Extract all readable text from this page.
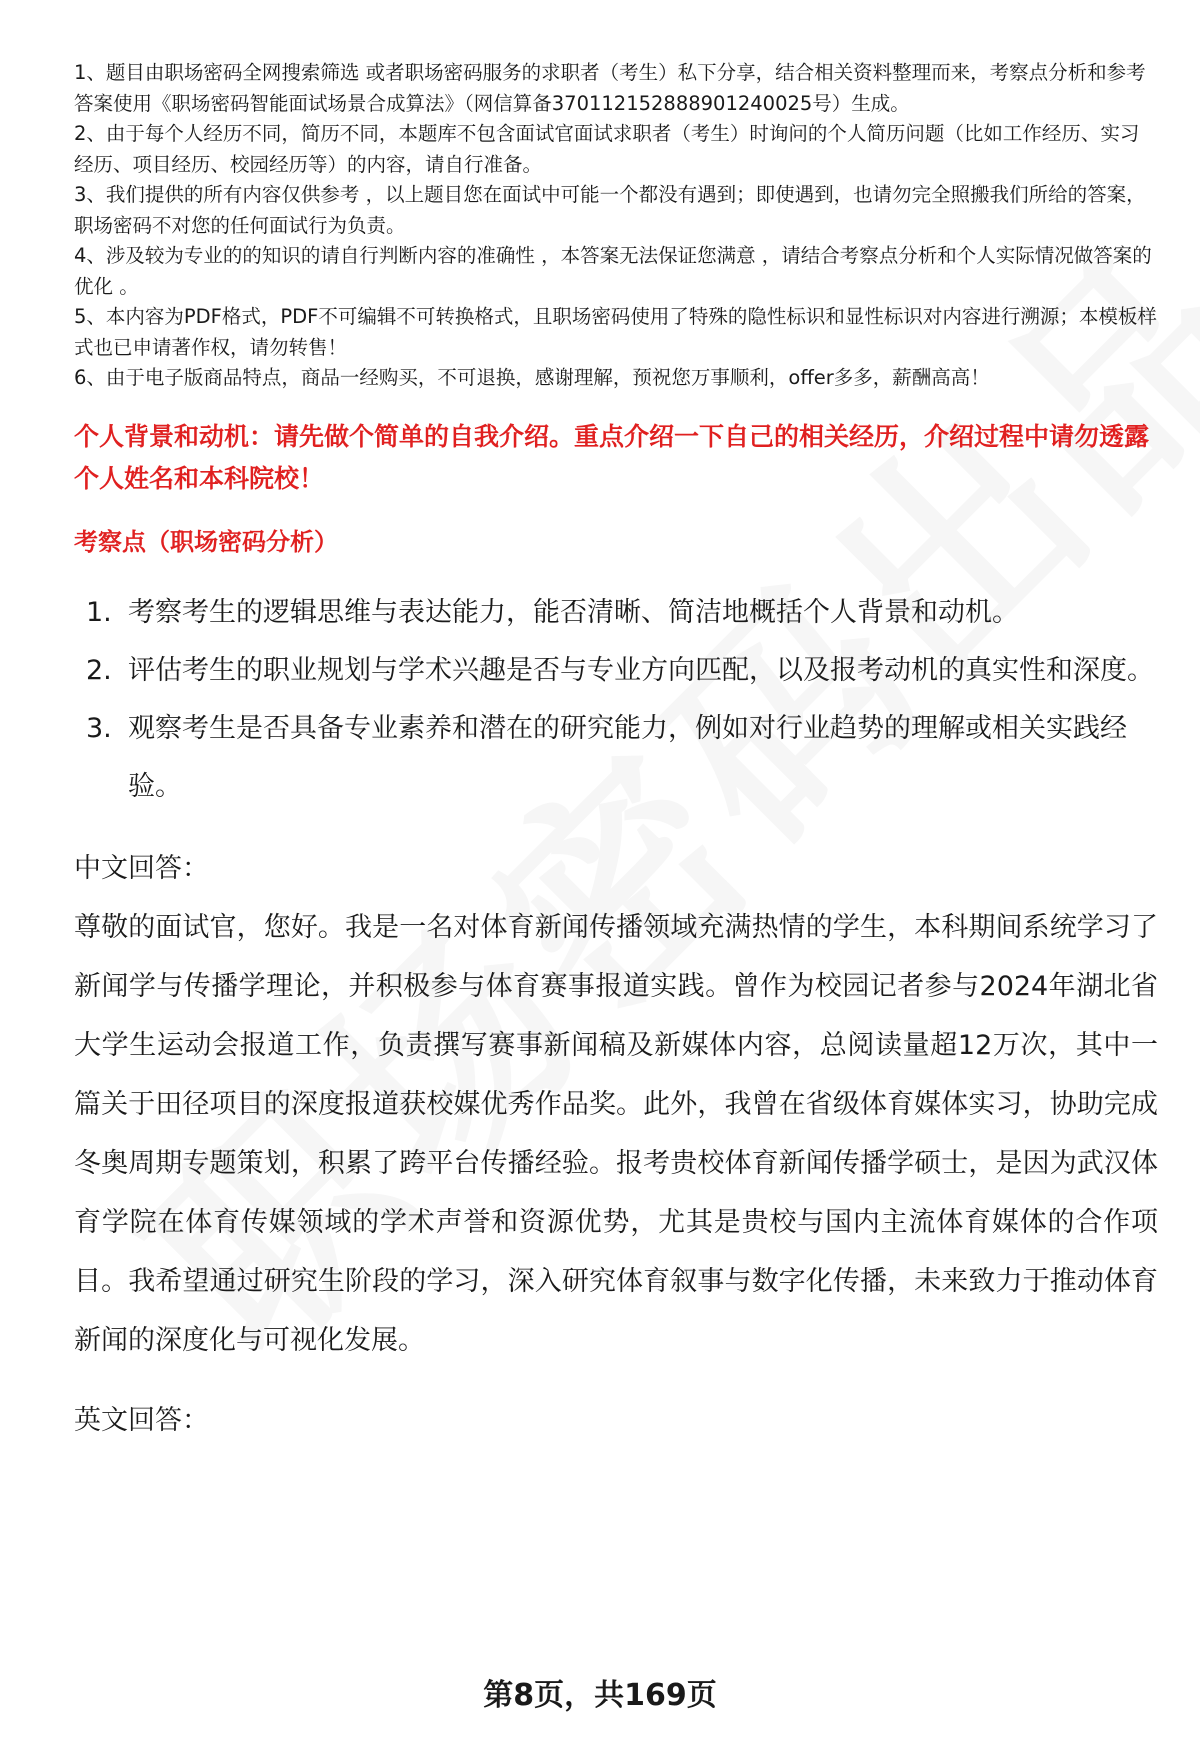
1、题目由职场密码全网搜索筛选 或者职场密码服务的求职者（考生）私下分享，结合相关资料整理而来，考察点分析和参考答案使用《职场密码智能面试场景合成算法》（网信算备370112152888901240025号）生成。
2、由于每个人经历不同，简历不同，本题库不包含面试官面试求职者（考生）时询问的个人简历问题（比如工作经历、实习经历、项目经历、校园经历等）的内容，请自行准备。
3、我们提供的所有内容仅供参考 ，以上题目您在面试中可能一个都没有遇到；即使遇到，也请勿完全照搬我们所给的答案，职场密码不对您的任何面试行为负责。
4、涉及较为专业的的知识的请自行判断内容的准确性 ，本答案无法保证您满意 ，请结合考察点分析和个人实际情况做答案的优化 。
5、本内容为PDF格式，PDF不可编辑不可转换格式，且职场密码使用了特殊的隐性标识和显性标识对内容进行溯源；本模板样式也已申请著作权，请勿转售！
6、由于电子版商品特点，商品一经购买，不可退换，感谢理解，预祝您万事顺利，offer多多，薪酬高高！
个人背景和动机：请先做个简单的自我介绍。重点介绍一下自己的相关经历，介绍过程中请勿透露个人姓名和本科院校！
考察点（职场密码分析）
1. 考察考生的逻辑思维与表达能力，能否清晰、简洁地概括个人背景和动机。
2. 评估考生的职业规划与学术兴趣是否与专业方向匹配，以及报考动机的真实性和深度。
3. 观察考生是否具备专业素养和潜在的研究能力，例如对行业趋势的理解或相关实践经验。
中文回答：

尊敬的面试官，您好。我是一名对体育新闻传播领域充满热情的学生，本科期间系统学习了新闻学与传播学理论，并积极参与体育赛事报道实践。曾作为校园记者参与2024年湖北省大学生运动会报道工作，负责撰写赛事新闻稿及新媒体内容，总阅读量超12万次，其中一篇关于田径项目的深度报道获校媒优秀作品奖。此外，我曾在省级体育媒体实习，协助完成冬奥周期专题策划，积累了跨平台传播经验。报考贵校体育新闻传播学硕士，是因为武汉体育学院在体育传媒领域的学术声誉和资源优势，尤其是贵校与国内主流体育媒体的合作项目。我希望通过研究生阶段的学习，深入研究体育叙事与数字化传播，未来致力于推动体育新闻的深度化与可视化发展。

英文回答：
第8页，共169页
